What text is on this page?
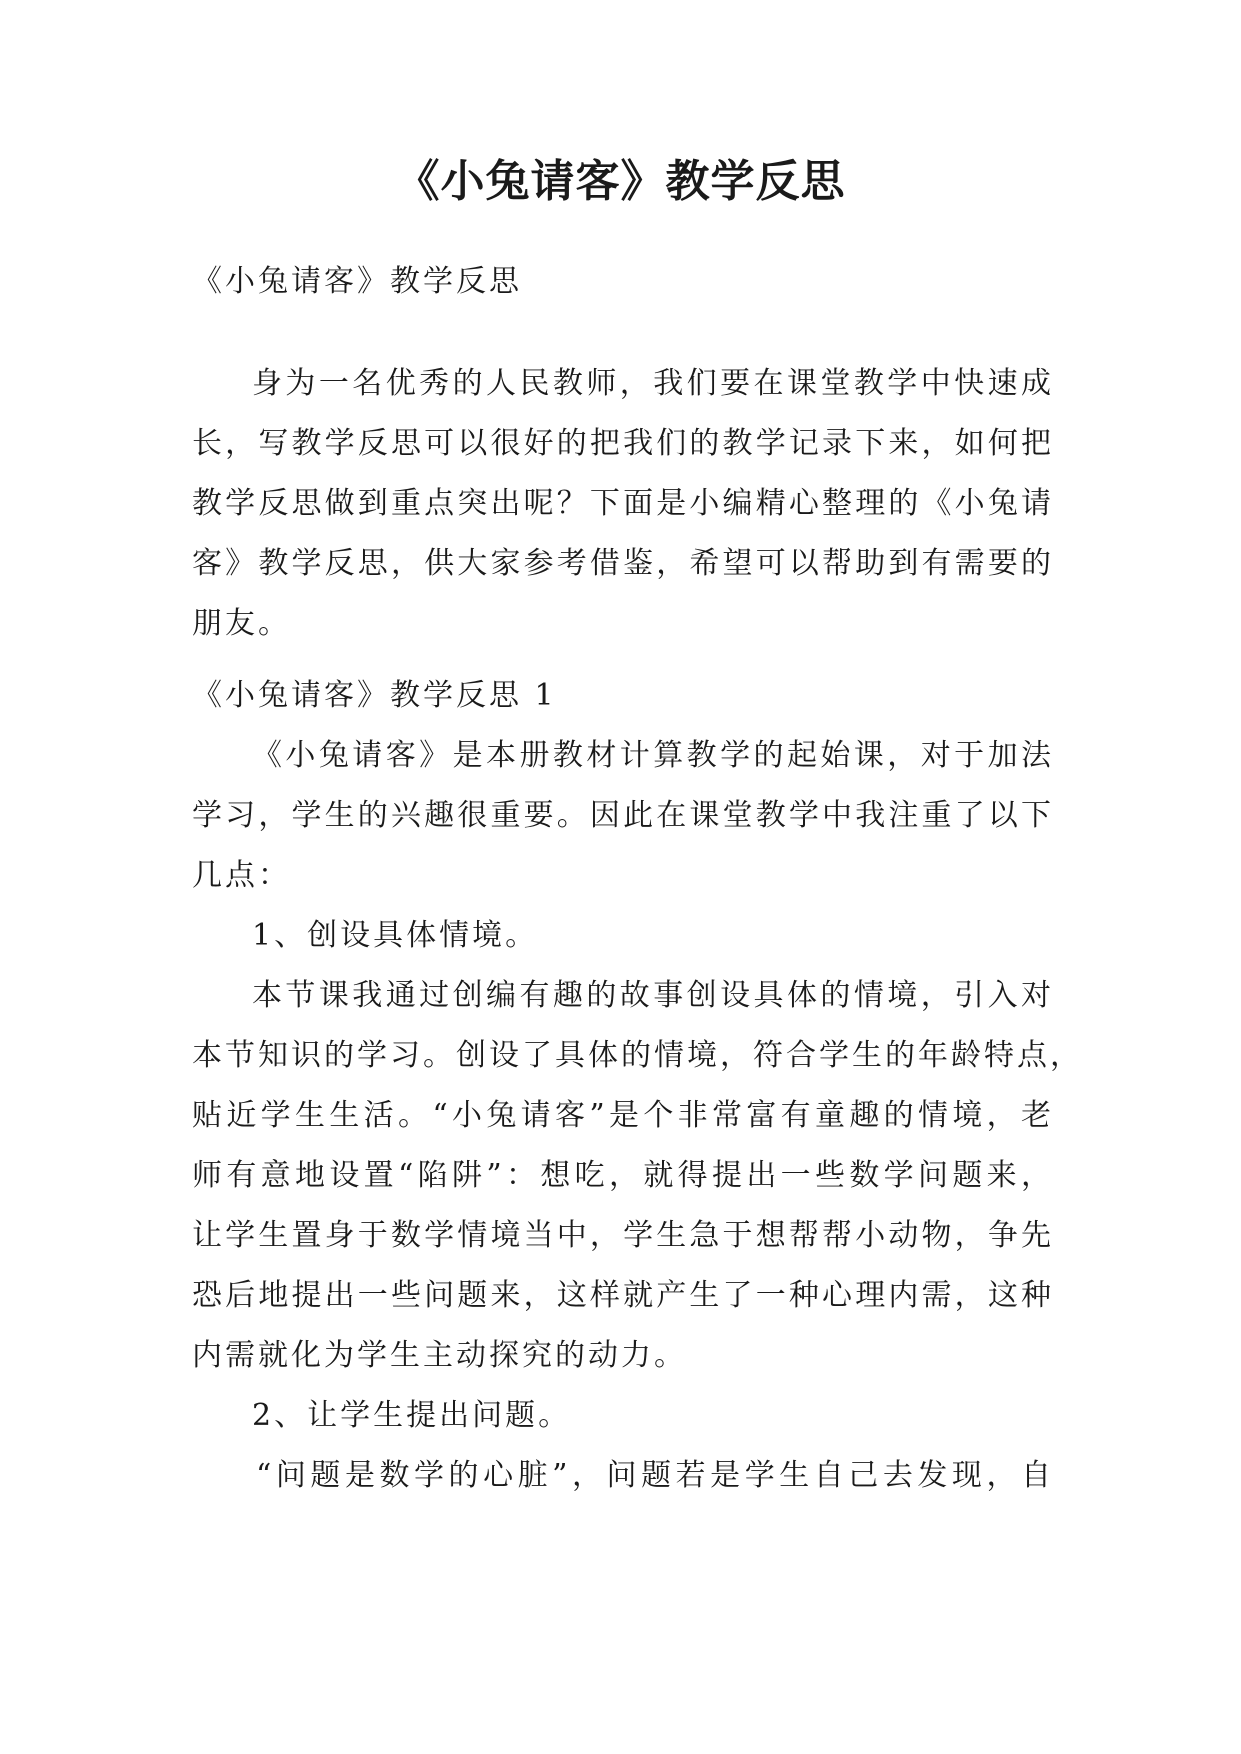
《小兔请客》教学反思
《小兔请客》教学反思
身为一名优秀的人民教师，我们要在课堂教学中快速成
长，写教学反思可以很好的把我们的教学记录下来，如何把
教学反思做到重点突出呢？下面是小编精心整理的《小兔请
客》教学反思，供大家参考借鉴，希望可以帮助到有需要的
朋友。
《小兔请客》教学反思 1
《小兔请客》是本册教材计算教学的起始课，对于加法
学习，学生的兴趣很重要。因此在课堂教学中我注重了以下
几点：
1、创设具体情境。
本节课我通过创编有趣的故事创设具体的情境，引入对
本节知识的学习。创设了具体的情境，符合学生的年龄特点，
贴近学生生活。“小兔请客”是个非常富有童趣的情境，老
师有意地设置“陷阱”：想吃，就得提出一些数学问题来，
让学生置身于数学情境当中，学生急于想帮帮小动物，争先
恐后地提出一些问题来，这样就产生了一种心理内需，这种
内需就化为学生主动探究的动力。
2、让学生提出问题。
“问题是数学的心脏”，问题若是学生自己去发现，自
